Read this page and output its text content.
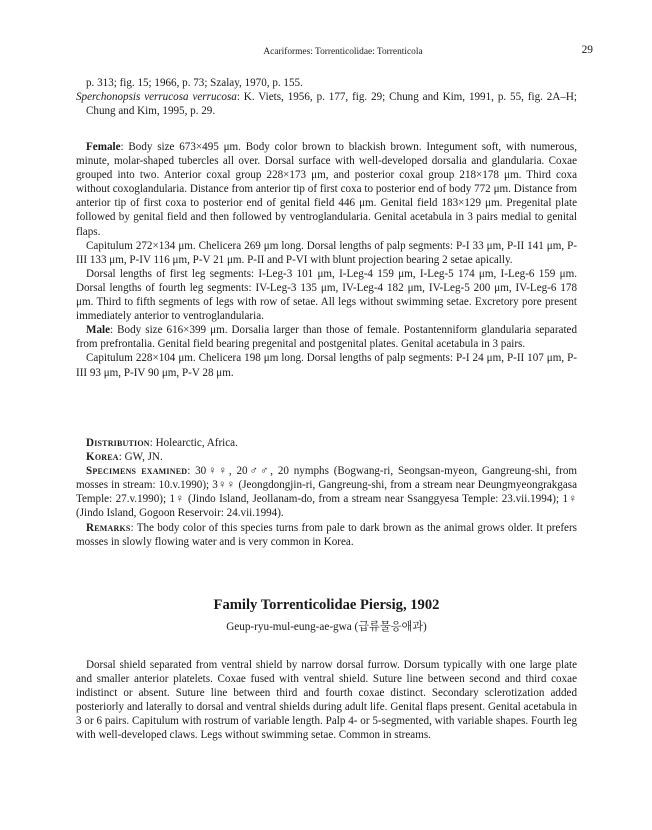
Acariformes: Torrenticolidae: Torrenticola	29

p. 313; fig. 15; 1966, p. 73; Szalay, 1970, p. 155.

Sperchonopsis verrucosa verrucosa: K. Viets, 1956, p. 177, fig. 29; Chung and Kim, 1991, p. 55, fig. 2A–H; Chung and Kim, 1995, p. 29.

Female: Body size 673×495 μm. Body color brown to blackish brown. Integument soft, with numerous, minute, molar-shaped tubercles all over. Dorsal surface with well-developed dorsalia and glandularia. Coxae grouped into two. Anterior coxal group 228×173 μm, and posterior coxal group 218×178 μm. Third coxa without coxoglandularia. Distance from anterior tip of first coxa to posterior end of body 772 μm. Distance from anterior tip of first coxa to posterior end of genital field 446 μm. Genital field 183×129 μm. Pregenital plate followed by genital field and then followed by ventroglandularia. Genital acetabula in 3 pairs medial to genital flaps.

Capitulum 272×134 μm. Chelicera 269 μm long. Dorsal lengths of palp segments: P-I 33 μm, P-II 141 μm, P-III 133 μm, P-IV 116 μm, P-V 21 μm. P-II and P-VI with blunt projection bearing 2 setae apically.

Dorsal lengths of first leg segments: I-Leg-3 101 μm, I-Leg-4 159 μm, I-Leg-5 174 μm, I-Leg-6 159 μm. Dorsal lengths of fourth leg segments: IV-Leg-3 135 μm, IV-Leg-4 182 μm, IV-Leg-5 200 μm, IV-Leg-6 178 μm. Third to fifth segments of legs with row of setae. All legs without swimming setae. Excretory pore present immediately anterior to ventroglandularia.

Male: Body size 616×399 μm. Dorsalia larger than those of female. Postantenniform glandularia separated from prefrontalia. Genital field bearing pregenital and postgenital plates. Genital acetabula in 3 pairs.

Capitulum 228×104 μm. Chelicera 198 μm long. Dorsal lengths of palp segments: P-I 24 μm, P-II 107 μm, P-III 93 μm, P-IV 90 μm, P-V 28 μm.

Distribution: Holearctic, Africa.

Korea: GW, JN.

Specimens examined: 30♀♀, 20♂♂, 20 nymphs (Bogwang-ri, Seongsan-myeon, Gangreung-shi, from mosses in stream: 10.v.1990); 3♀♀ (Jeongdongjin-ri, Gangreung-shi, from a stream near Deungmyeongrakgasa Temple: 27.v.1990); 1♀ (Jindo Island, Jeollanam-do, from a stream near Ssanggyesa Temple: 23.vii.1994); 1♀ (Jindo Island, Gogoon Reservoir: 24.vii.1994).

Remarks: The body color of this species turns from pale to dark brown as the animal grows older. It prefers mosses in slowly flowing water and is very common in Korea.

Family Torrenticolidae Piersig, 1902
Geup-ryu-mul-eung-ae-gwa (급류물응애과)

Dorsal shield separated from ventral shield by narrow dorsal furrow. Dorsum typically with one large plate and smaller anterior platelets. Coxae fused with ventral shield. Suture line between second and third coxae indistinct or absent. Suture line between third and fourth coxae distinct. Secondary sclerotization added posteriorly and laterally to dorsal and ventral shields during adult life. Genital flaps present. Genital acetabula in 3 or 6 pairs. Capitulum with rostrum of variable length. Palp 4- or 5-segmented, with variable shapes. Fourth leg with well-developed claws. Legs without swimming setae. Common in streams.
